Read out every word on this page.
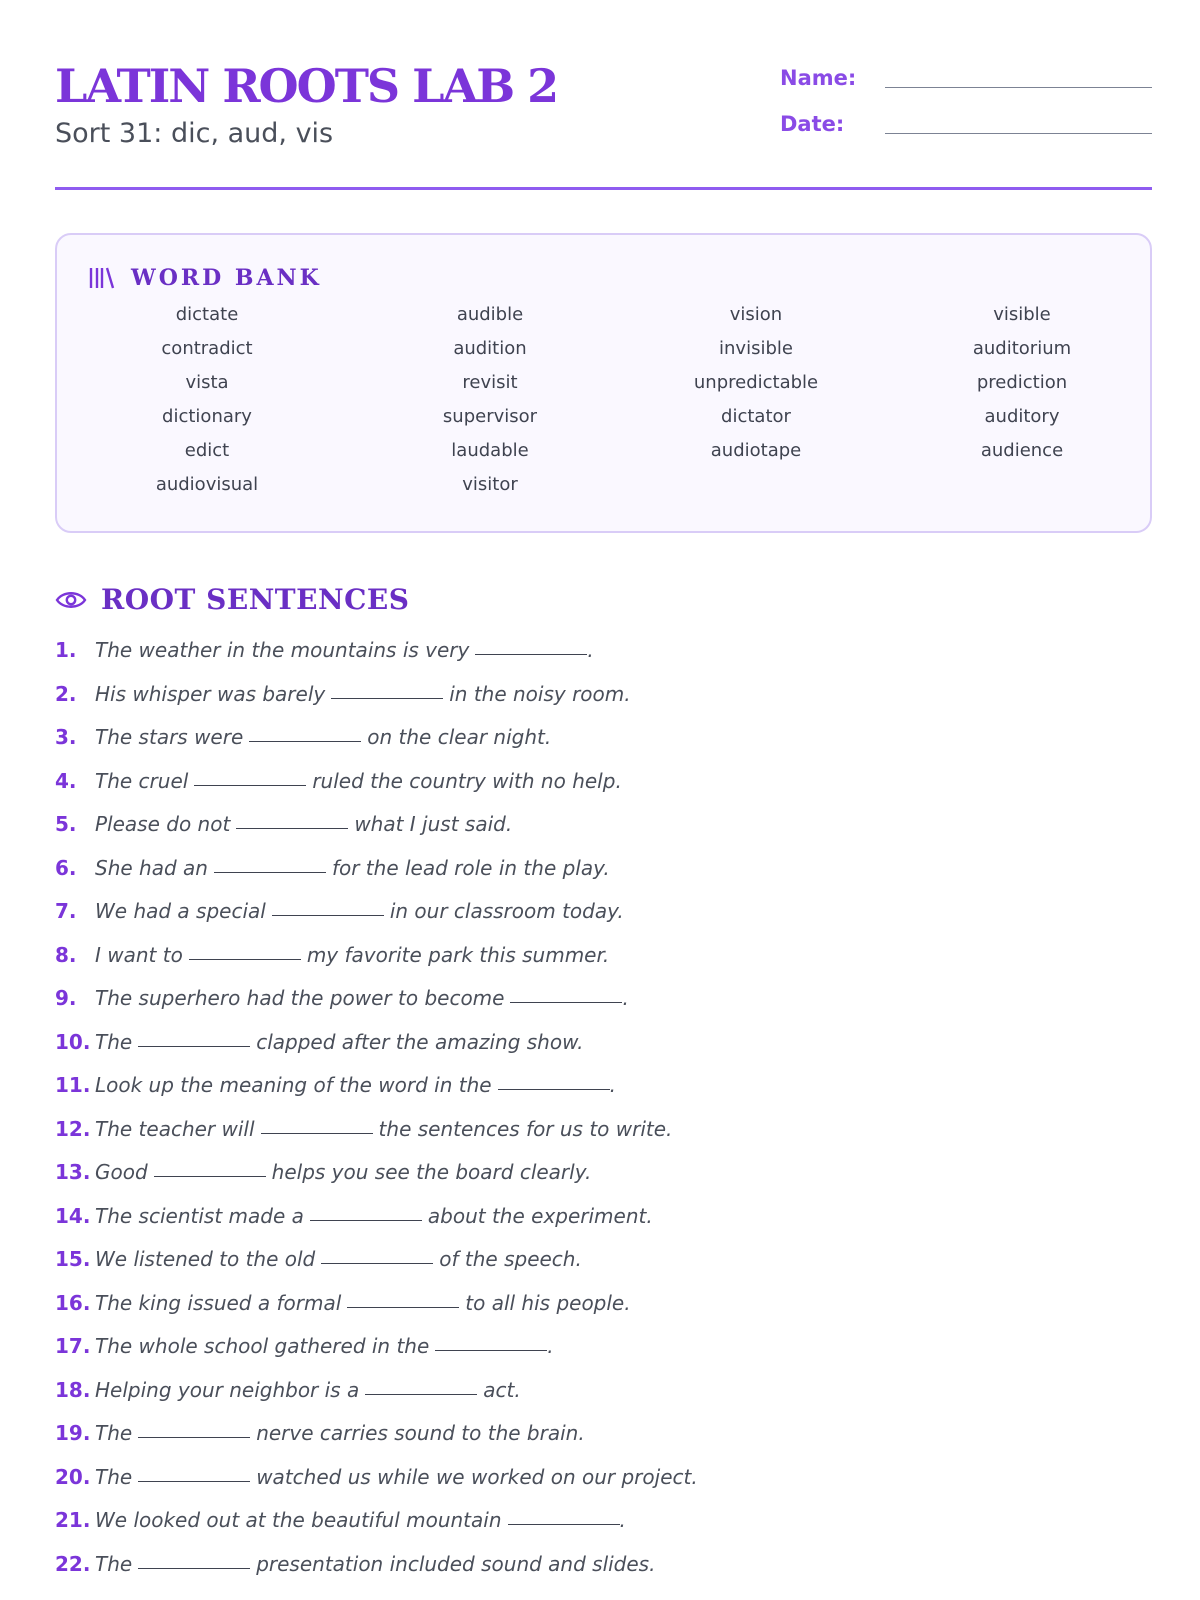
LATIN ROOTS LAB 2
Sort 31: dic, aud, vis
Name:
Date:
WORD BANK
dictate	audible	vision	visible
contradict	audition	invisible	auditorium
vista	revisit	unpredictable	prediction
dictionary	supervisor	dictator	auditory
edict	laudable	audiotape	audience
audiovisual	visitor
ROOT SENTENCES
1. The weather in the mountains is very	.
2. His whisper was barely	in the noisy room.
3. The stars were	on the clear night.
4. The cruel	ruled the country with no help.
5. Please do not	what I just said.
6. She had an	for the lead role in the play.
7. We had a special	in our classroom today.
8. I want to	my favorite park this summer.
9. The superhero had the power to become	.
10. The	clapped after the amazing show.
11. Look up the meaning of the word in the	.
12. The teacher will	the sentences for us to write.
13. Good	helps you see the board clearly.
14. The scientist made a	about the experiment.
15. We listened to the old	of the speech.
16. The king issued a formal	to all his people.
17. The whole school gathered in the	.
18. Helping your neighbor is a	act.
19. The	nerve carries sound to the brain.
20. The	watched us while we worked on our project.
21. We looked out at the beautiful mountain	.
22. The	presentation included sound and slides.
